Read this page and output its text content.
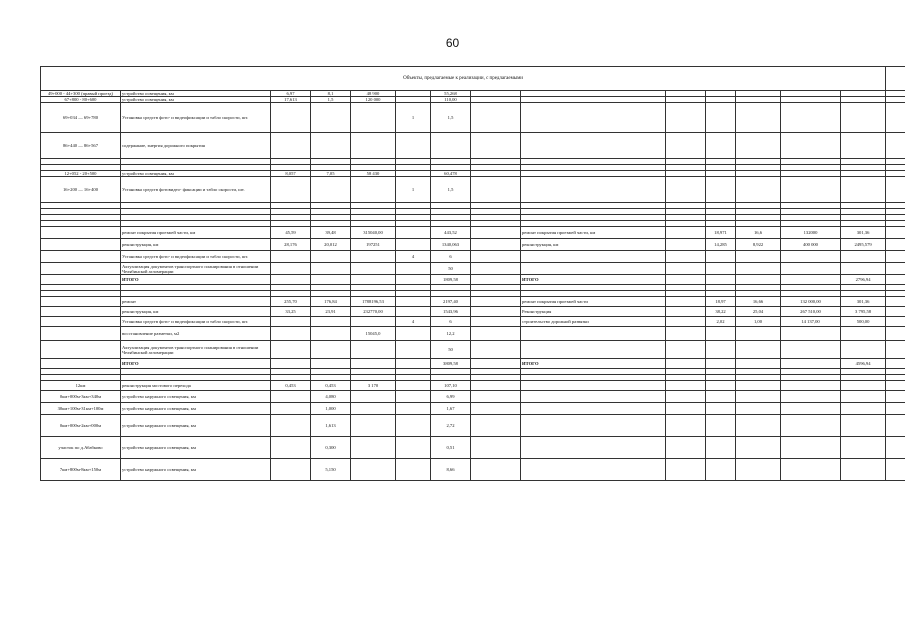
60
Объекты, предлагаемые к реализации, с предлагаемыми														
49+000 - 44+300 (правый проезд)	устройство освещения, км	6,97	8,1	48 900		55,268								
67+800 - 80+600	устройство освещения, км	17,613	1,5	120 000		110,00								
69+034 — 69+780	Установка средств фото- и видеофиксации и табло скорости, шт.				1	1,5								
86+440 — 86+567	содержание, энергия дорожного покрытия													

12+052 - 20+500	устройство освещения, км	8,057	7,05	58 430		60,478								
16+200 — 16+400	Установка средств фотовидео- фиксации и табло скорости, шт.				1	1,5								

	ремонт покрытия проезжей части, км	45,59	39,48	315040,00		443,52		ремонт покрытия проезжей части, км		18,971	16,6	132000	301,36	
	реконструкция, км	28,176	20,012	197251		1340,063		реконструкция, км		14,285	8,922	400 000	2495,579	
	Установка средств фото- и видеофиксации и табло скорости, шт.				4	6								
	Актуализация документов транспортного планирования в отношении Челябинской агломерации					50								
	ИТОГО					1809,58		ИТОГО					2796,94	

	ремонт	255,70	176,84	1788196,53		2197,40		ремонт покрытия проезжей части		18,97	16,66	132 000,00	301,36	
	реконструкция, км	33,25	23,91	232770,00		1543,96		Реконструкция		38,22	25,04	267 510,00	3 795,58	
	Установка средств фото- и видеофиксации и табло скорости, шт.				4	6		строительство дорожной развязки		2,02	1,00	14 137,00	500,00	
	восстановление разметки, м2			15045,0		12,2								
	Актуализация документов транспортного планирования в отношении Челябинской агломерации					50								
	ИТОГО					3809,58		ИТОГО					4596,94	

12км	реконструкция мостового перехода	0,453	0,453	3 170		107,10								
0км+000м-3км+340м	устройство наружного освещения, км		4,080			6,99								
30км+100м-31км+100м	устройство наружного освещения, км		1,000			1,67								
0км+000м-2км+000м	устройство наружного освещения, км		1,613			2,72								
участок по д.Абабково	устройство наружного освещения, км		0,300			0,51								
7км+800м-8км+150м	устройство наружного освещения, км		5,150			8,66								
